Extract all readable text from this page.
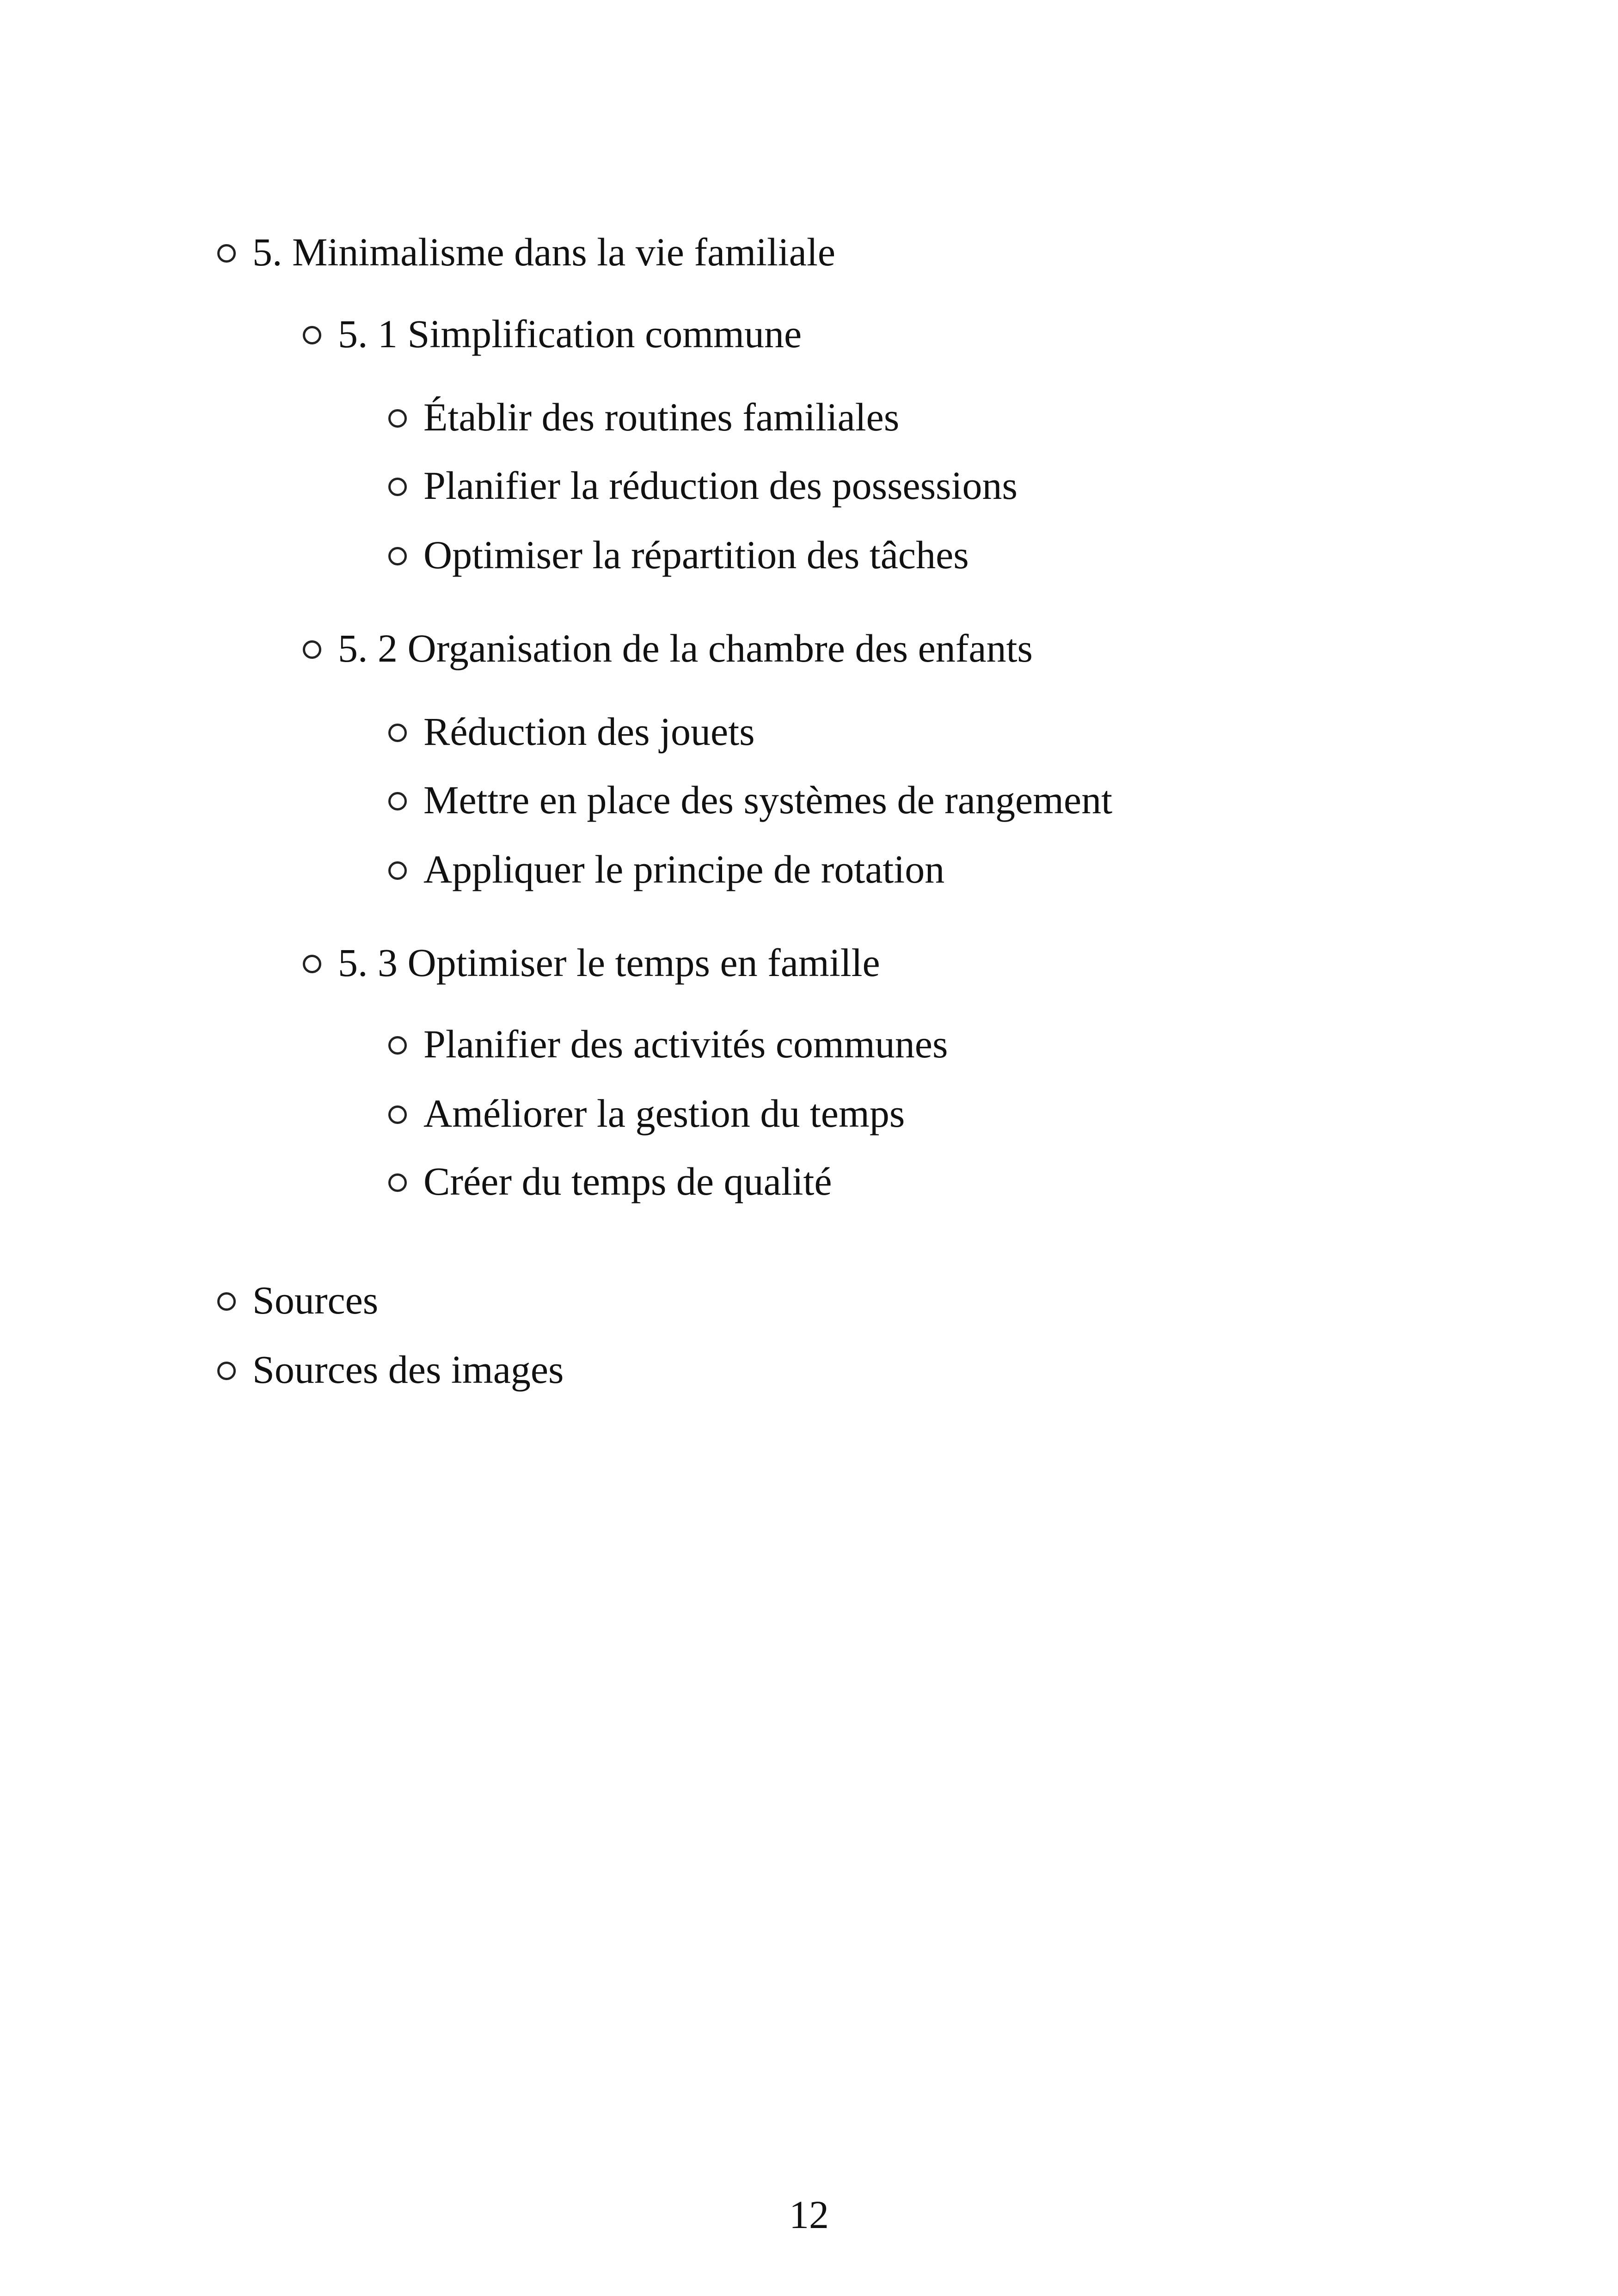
5. Minimalisme dans la vie familiale
5. 1 Simplification commune
Établir des routines familiales
Planifier la réduction des possessions
Optimiser la répartition des tâches
5. 2 Organisation de la chambre des enfants
Réduction des jouets
Mettre en place des systèmes de rangement
Appliquer le principe de rotation
5. 3 Optimiser le temps en famille
Planifier des activités communes
Améliorer la gestion du temps
Créer du temps de qualité
Sources
Sources des images
12
